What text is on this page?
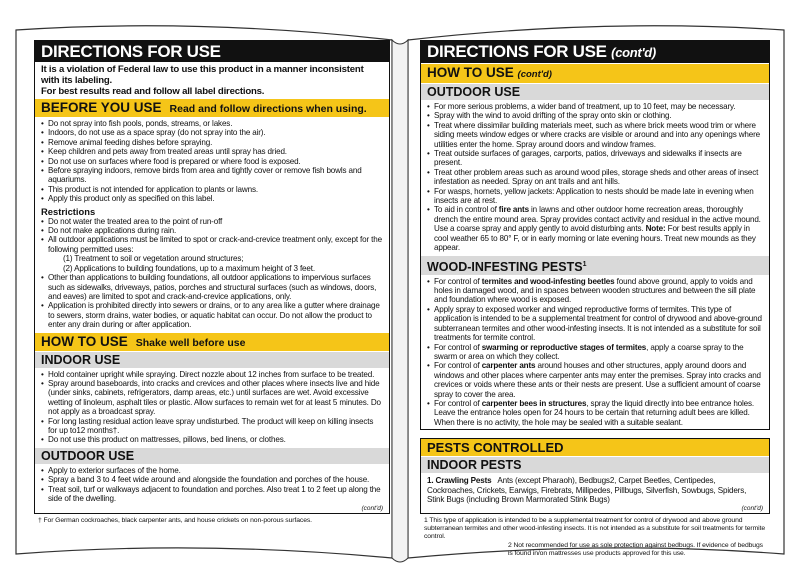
DIRECTIONS FOR USE
It is a violation of Federal law to use this product in a manner inconsistent with its labeling.
For best results read and follow all label directions.
BEFORE YOU USE Read and follow directions when using.
• Do not spray into fish pools, ponds, streams, or lakes.
• Indoors, do not use as a space spray (do not spray into the air).
• Remove animal feeding dishes before spraying.
• Keep children and pets away from treated areas until spray has dried.
• Do not use on surfaces where food is prepared or where food is exposed.
• Before spraying indoors, remove birds from area and tightly cover or remove fish bowls and aquariums.
• This product is not intended for application to plants or lawns.
• Apply this product only as specified on this label.
Restrictions
• Do not water the treated area to the point of run-off
• Do not make applications during rain.
• All outdoor applications must be limited to spot or crack-and-crevice treatment only, except for the following permitted uses:
(1) Treatment to soil or vegetation around structures;
(2) Applications to building foundations, up to a maximum height of 3 feet.
• Other than applications to building foundations, all outdoor applications to impervious surfaces such as sidewalks, driveways, patios, porches and structural surfaces (such as windows, doors, and eaves) are limited to spot and crack-and-crevice applications, only.
• Application is prohibited directly into sewers or drains, or to any area like a gutter where drainage to sewers, storm drains, water bodies, or aquatic habitat can occur. Do not allow the product to enter any drain during or after application.
HOW TO USE Shake well before use
INDOOR USE
• Hold container upright while spraying. Direct nozzle about 12 inches from surface to be treated.
• Spray around baseboards, into cracks and crevices and other places where insects live and hide (under sinks, cabinets, refrigerators, damp areas, etc.) until surfaces are wet. Avoid excessive wetting of linoleum, asphalt tiles or plastic. Allow surfaces to remain wet for at least 5 minutes. Do not apply as a broadcast spray.
• For long lasting residual action leave spray undisturbed. The product will keep on killing insects for up to12 months†.
• Do not use this product on mattresses, pillows, bed linens, or clothes.
OUTDOOR USE
• Apply to exterior surfaces of the home.
• Spray a band 3 to 4 feet wide around and alongside the foundation and porches of the house.
• Treat soil, turf or walkways adjacent to foundation and porches. Also treat 1 to 2 feet up along the side of the dwelling.
(cont'd)
† For German cockroaches, black carpenter ants, and house crickets on non-porous surfaces.
DIRECTIONS FOR USE (cont'd)
HOW TO USE (cont'd)
OUTDOOR USE
• For more serious problems, a wider band of treatment, up to 10 feet, may be necessary.
• Spray with the wind to avoid drifting of the spray onto skin or clothing.
• Treat where dissimilar building materials meet, such as where brick meets wood trim or where siding meets window edges or where cracks are visible or around and into any openings where utilities enter the home. Spray around doors and window frames.
• Treat outside surfaces of garages, carports, patios, driveways and sidewalks if insects are present.
• Treat other problem areas such as around wood piles, storage sheds and other areas of insect infestation as needed. Spray on ant trails and ant hills.
• For wasps, hornets, yellow jackets: Application to nests should be made late in evening when insects are at rest.
• To aid in control of fire ants in lawns and other outdoor home recreation areas, thoroughly drench the entire mound area. Spray provides contact activity and residual in the active mound. Use a coarse spray and apply gently to avoid disturbing ants. Note: For best results apply in cool weather 65 to 80° F, or in early morning or late evening hours. Treat new mounds as they appear.
WOOD-INFESTING PESTS$^1$
• For control of termites and wood-infesting beetles found above ground, apply to voids and holes in damaged wood, and in spaces between wooden structures and between the sill plate and foundation where wood is exposed.
• Apply spray to exposed worker and winged reproductive forms of termites. This type of application is intended to be a supplemental treatment for control of drywood and above-ground subterranean termites and other wood-infesting insects. It is not intended as a substitute for soil treatments for termite control.
• For control of swarming or reproductive stages of termites, apply a coarse spray to the swarm or area on which they collect.
• For control of carpenter ants around houses and other structures, apply around doors and windows and other places where carpenter ants may enter the premises. Spray into cracks and crevices or voids where these ants or their nests are present. Use a sufficient amount of coarse spray to cover the area.
• For control of carpenter bees in structures, spray the liquid directly into bee entrance holes. Leave the entrance holes open for 24 hours to be certain that returning adult bees are killed. When there is no activity, the hole may be sealed with a suitable sealant.
PESTS CONTROLLED
INDOOR PESTS
1. Crawling Pests Ants (except Pharaoh), Bedbugs2, Carpet Beetles, Centipedes, Cockroaches, Crickets, Earwigs, Firebrats, Millipedes, Pillbugs, Silverfish, Sowbugs, Spiders, Stink Bugs (including Brown Marmorated Stink Bugs)
(cont'd)
1 This type of application is intended to be a supplemental treatment for control of drywood and above ground subterranean termites and other wood-infesting insects. It is not intended as a substitute for soil treatments for termite control.
2 Not recommended for use as sole protection against bedbugs. If evidence of bedbugs is found in/on mattresses use products approved for this use.
